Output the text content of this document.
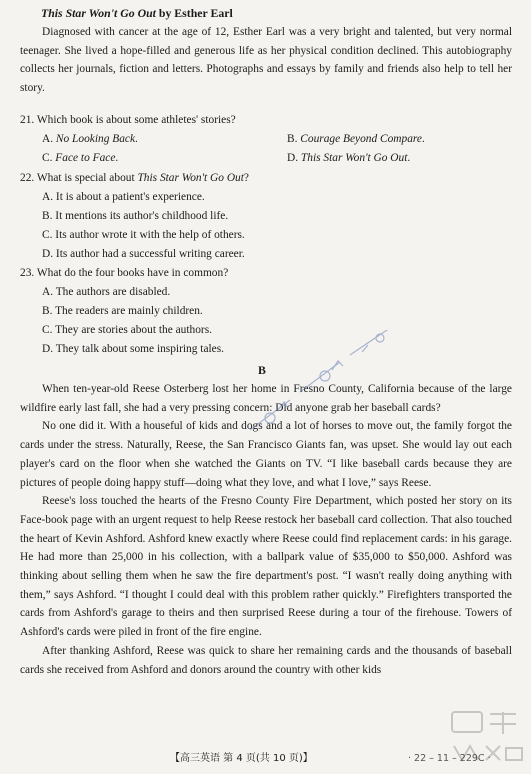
This Star Won't Go Out by Esther Earl

Diagnosed with cancer at the age of 12, Esther Earl was a very bright and talented, but very normal teenager. She lived a hope-filled and generous life as her physical condition declined. This autobiography collects her journals, fiction and letters. Photographs and essays by family and friends also help to tell her story.

21. Which book is about some athletes' stories?
A. No Looking Back.	B. Courage Beyond Compare.
C. Face to Face.	D. This Star Won't Go Out.
22. What is special about This Star Won't Go Out?
A. It is about a patient's experience.
B. It mentions its author's childhood life.
C. Its author wrote it with the help of others.
D. Its author had a successful writing career.
23. What do the four books have in common?
A. The authors are disabled.
B. The readers are mainly children.
C. They are stories about the authors.
D. They talk about some inspiring tales.
B

When ten-year-old Reese Osterberg lost her home in Fresno County, California because of the large wildfire early last fall, she had a very pressing concern: Did anyone grab her baseball cards?

No one did it. With a houseful of kids and dogs and a lot of horses to move out, the family forgot the cards under the stress. Naturally, Reese, the San Francisco Giants fan, was upset. She would lay out each player's card on the floor when she watched the Giants on TV. “I like baseball cards because they are pictures of people doing happy stuff—doing what they love, and what I love,” says Reese.

Reese's loss touched the hearts of the Fresno County Fire Department, which posted her story on its Face-book page with an urgent request to help Reese restock her baseball card collection. That also touched the heart of Kevin Ashford. Ashford knew exactly where Reese could find replacement cards: in his garage. He had more than 25,000 in his collection, with a ballpark value of $35,000 to $50,000. Ashford was thinking about selling them when he saw the fire department's post. “I wasn't really doing anything with them,” says Ashford. “I thought I could deal with this problem rather quickly.” Firefighters transported the cards from Ashford's garage to theirs and then surprised Reese during a tour of the firehouse. Towers of Ashford's cards were piled in front of the fire engine.

After thanking Ashford, Reese was quick to share her remaining cards and the thousands of baseball cards she received from Ashford and donors around the country with other kids

【高三英语 第 4 页(共 10 页)】	· 22 – 11 – 229C ·
